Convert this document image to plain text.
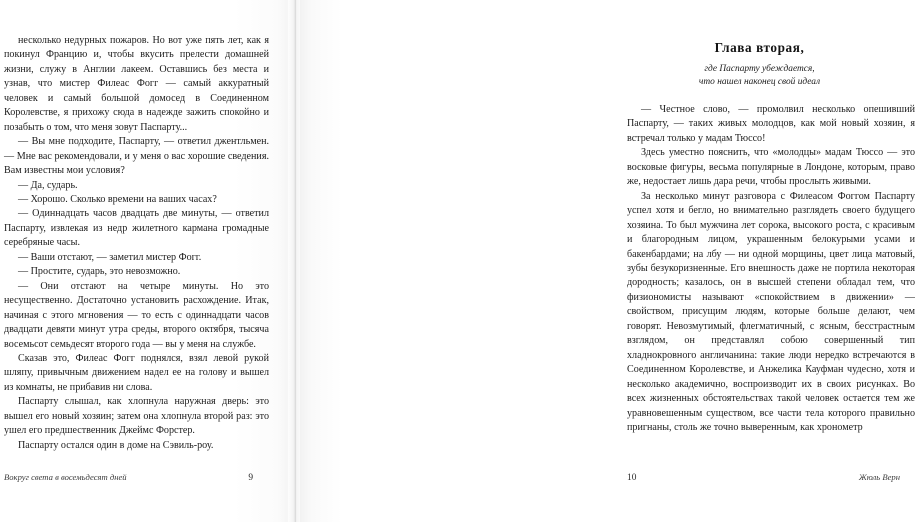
несколько недурных пожаров. Но вот уже пять лет, как я покинул Францию и, чтобы вкусить прелести домашней жизни, служу в Англии лакеем. Оставшись без места и узнав, что мистер Филеас Фогг — самый аккуратный человек и самый большой домосед в Соединенном Королевстве, я прихожу сюда в надежде зажить спокойно и позабыть о том, что меня зовут Паспарту...

— Вы мне подходите, Паспарту, — ответил джентльмен. — Мне вас рекомендовали, и у меня о вас хорошие сведения. Вам известны мои условия?

— Да, сударь.

— Хорошо. Сколько времени на ваших часах?

— Одиннадцать часов двадцать две минуты, — ответил Паспарту, извлекая из недр жилетного кармана громадные серебряные часы.

— Ваши отстают, — заметил мистер Фогг.

— Простите, сударь, это невозможно.

— Они отстают на четыре минуты. Но это несущественно. Достаточно установить расхождение. Итак, начиная с этого мгновения — то есть с одиннадцати часов двадцати девяти минут утра среды, второго октября, тысяча восемьсот семьдесят второго года — вы у меня на службе.

Сказав это, Филеас Фогг поднялся, взял левой рукой шляпу, привычным движением надел ее на голову и вышел из комнаты, не прибавив ни слова.

Паспарту слышал, как хлопнула наружная дверь: это вышел его новый хозяин; затем она хлопнула второй раз: это ушел его предшественник Джеймс Форстер.

Паспарту остался один в доме на Сэвиль-роу.

Вокруг света в восемьдесят дней	9
Глава вторая,
где Паспарту убеждается,
что нашел наконец свой идеал

— Честное слово, — промолвил несколько опешивший Паспарту, — таких живых молодцов, как мой новый хозяин, я встречал только у мадам Тюссо!

Здесь уместно пояснить, что «молодцы» мадам Тюссо — это восковые фигуры, весьма популярные в Лондоне, которым, право же, недостает лишь дара речи, чтобы прослыть живыми.

За несколько минут разговора с Филеасом Фоггом Паспарту успел хотя и бегло, но внимательно разглядеть своего будущего хозяина. То был мужчина лет сорока, высокого роста, с красивым и благородным лицом, украшенным белокурыми усами и бакенбардами; на лбу — ни одной морщины, цвет лица матовый, зубы безукоризненные. Его внешность даже не портила некоторая дородность; казалось, он в высшей степени обладал тем, что физиономисты называют «спокойствием в движении» — свойством, присущим людям, которые больше делают, чем говорят. Невозмутимый, флегматичный, с ясным, бесстрастным взглядом, он представлял собою совершенный тип хладнокровного англичанина: такие люди нередко встречаются в Соединенном Королевстве, и Анжелика Кауфман чудесно, хотя и несколько академично, воспроизводит их в своих рисунках. Во всех жизненных обстоятельствах такой человек остается тем же уравновешенным существом, все части тела которого правильно пригнаны, столь же точно выверенным, как хронометр

10	Жюль Верн
